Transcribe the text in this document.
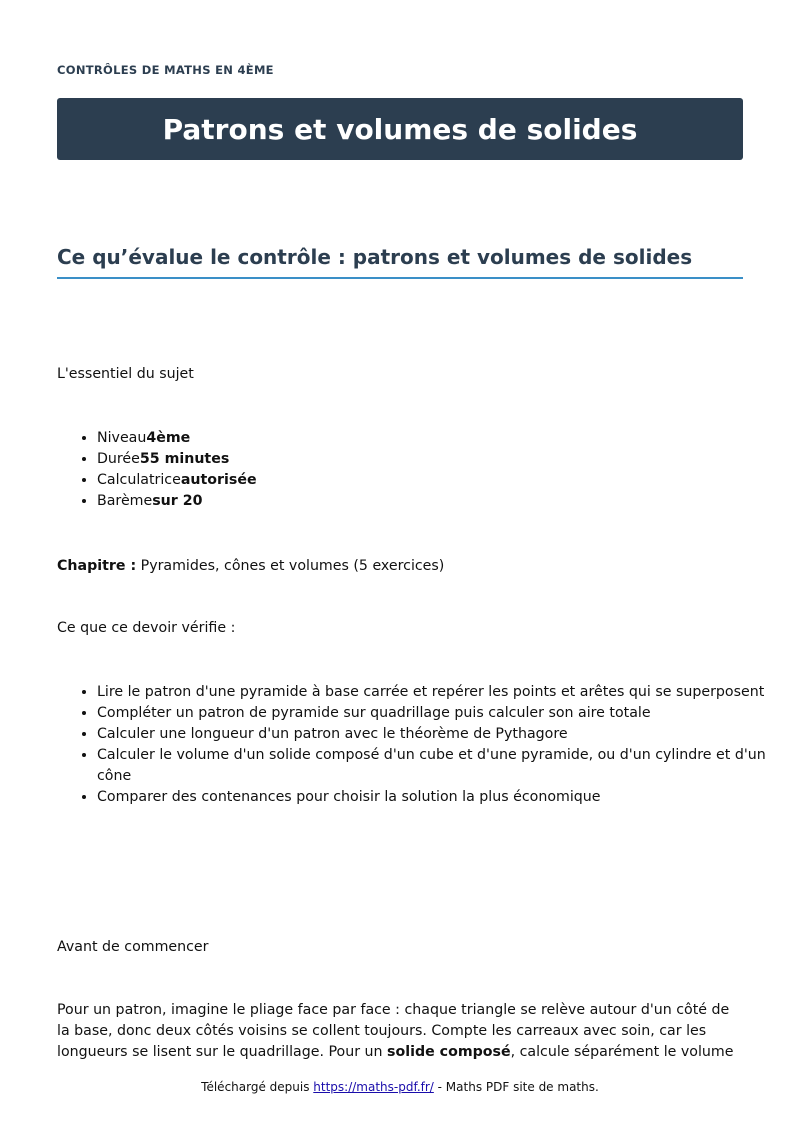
CONTRÔLES DE MATHS EN 4ÈME
Patrons et volumes de solides
Ce qu’évalue le contrôle : patrons et volumes de solides

L'essentiel du sujet

• Niveau4ème
• Durée55 minutes
• Calculatriceautorisée
• Barèmesur 20

Chapitre : Pyramides, cônes et volumes (5 exercices)

Ce que ce devoir vérifie :

• Lire le patron d'une pyramide à base carrée et repérer les points et arêtes qui se superposent
• Compléter un patron de pyramide sur quadrillage puis calculer son aire totale
• Calculer une longueur d'un patron avec le théorème de Pythagore
• Calculer le volume d'un solide composé d'un cube et d'une pyramide, ou d'un cylindre et d'un cône
• Comparer des contenances pour choisir la solution la plus économique

Avant de commencer

Pour un patron, imagine le pliage face par face : chaque triangle se relève autour d'un côté de la base, donc deux côtés voisins se collent toujours. Compte les carreaux avec soin, car les longueurs se lisent sur le quadrillage. Pour un solide composé, calcule séparément le volume

Téléchargé depuis https://maths-pdf.fr/ - Maths PDF site de maths.
